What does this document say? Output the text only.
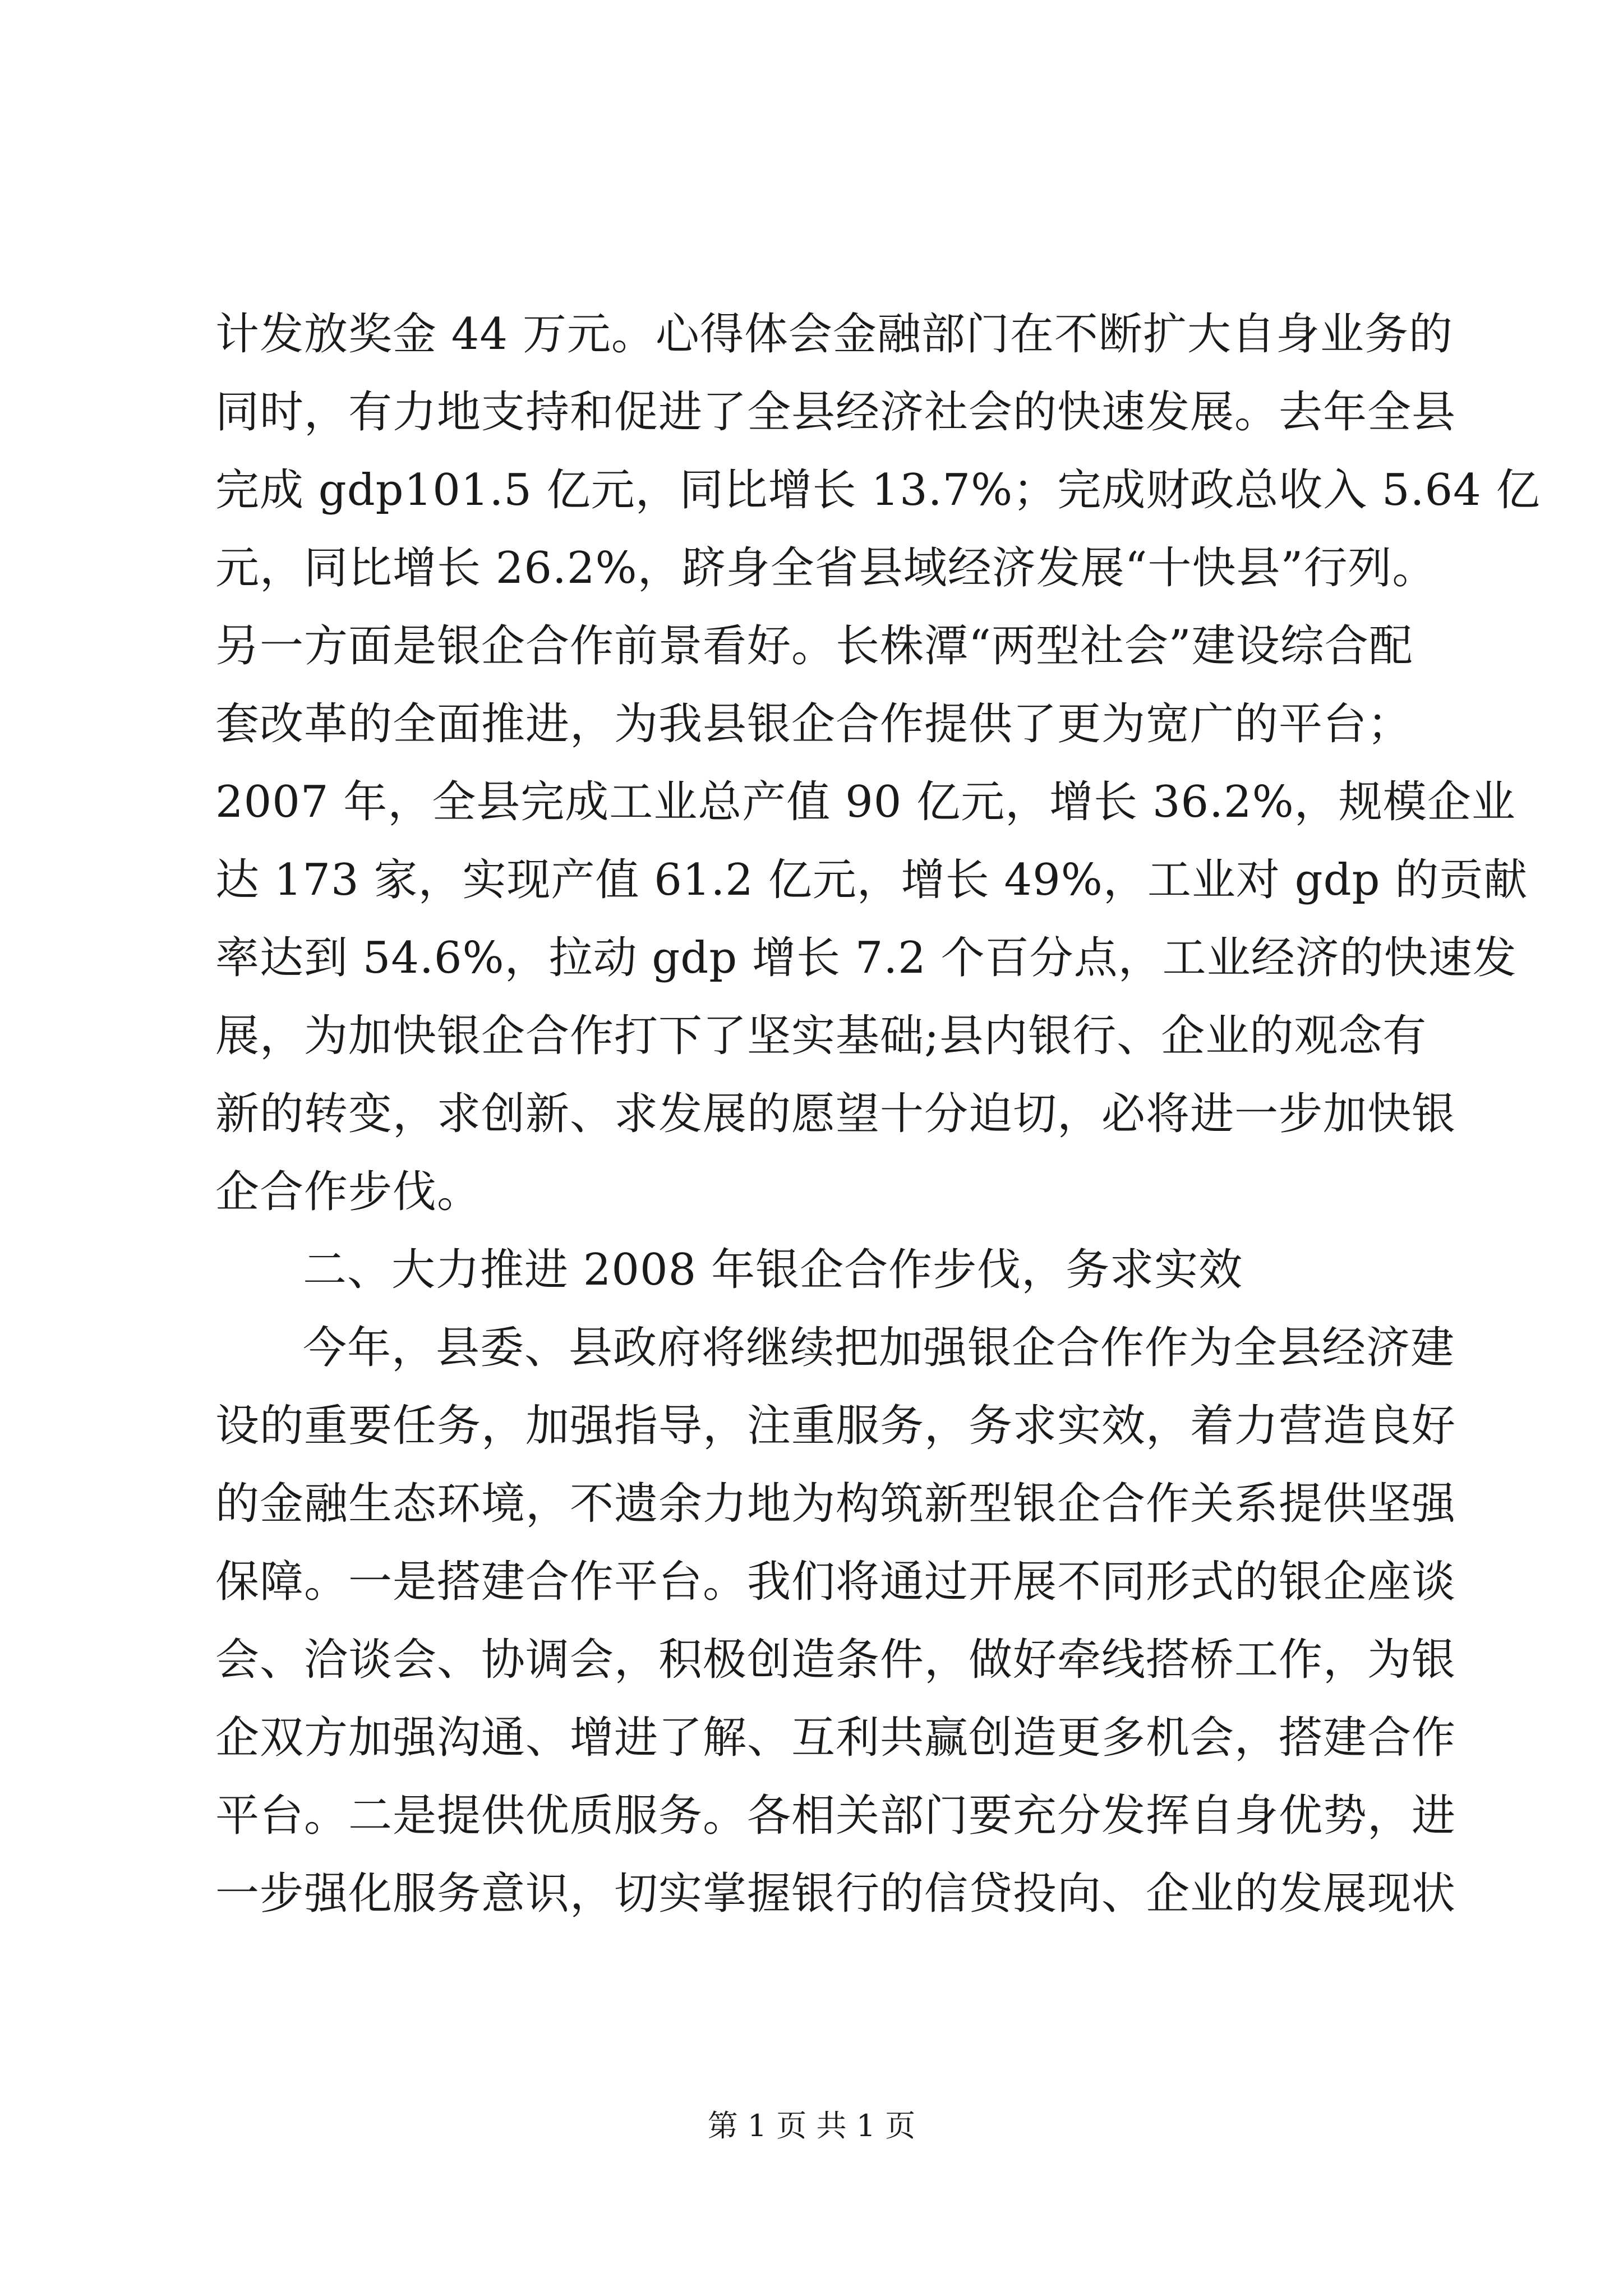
计发放奖金 44 万元。心得体会金融部门在不断扩大自身业务的
同时，有力地支持和促进了全县经济社会的快速发展。去年全县
完成 gdp101.5 亿元，同比增长 13.7%；完成财政总收入 5.64 亿
元，同比增长 26.2%，跻身全省县域经济发展“十快县”行列。
另一方面是银企合作前景看好。长株潭“两型社会”建设综合配
套改革的全面推进，为我县银企合作提供了更为宽广的平台；
2007 年，全县完成工业总产值 90 亿元，增长 36.2%，规模企业
达 173 家，实现产值 61.2 亿元，增长 49%，工业对 gdp 的贡献
率达到 54.6%，拉动 gdp 增长 7.2 个百分点，工业经济的快速发
展，为加快银企合作打下了坚实基础;县内银行、企业的观念有
新的转变，求创新、求发展的愿望十分迫切，必将进一步加快银
企合作步伐。
二、大力推进 2008 年银企合作步伐，务求实效
今年，县委、县政府将继续把加强银企合作作为全县经济建
设的重要任务，加强指导，注重服务，务求实效，着力营造良好
的金融生态环境，不遗余力地为构筑新型银企合作关系提供坚强
保障。一是搭建合作平台。我们将通过开展不同形式的银企座谈
会、洽谈会、协调会，积极创造条件，做好牵线搭桥工作，为银
企双方加强沟通、增进了解、互利共赢创造更多机会，搭建合作
平台。二是提供优质服务。各相关部门要充分发挥自身优势，进
一步强化服务意识，切实掌握银行的信贷投向、企业的发展现状
第 1 页 共 1 页
